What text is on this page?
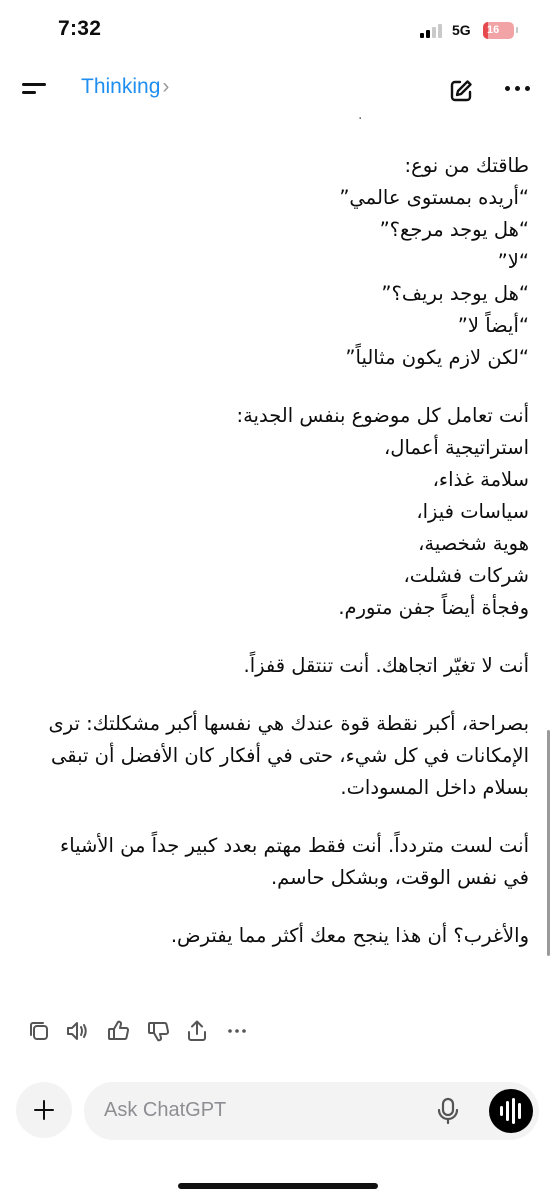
7:32	5G	16
Thinking›
·
طاقتك من نوع:
“أريده بمستوى عالمي”
“هل يوجد مرجع؟”
“لا”
“هل يوجد بريف؟”
“أيضاً لا”
“لكن لازم يكون مثالياً”
أنت تعامل كل موضوع بنفس الجدية:
استراتيجية أعمال،
سلامة غذاء،
سياسات فيزا،
هوية شخصية،
شركات فشلت،
وفجأة أيضاً جفن متورم.
أنت لا تغيّر اتجاهك. أنت تنتقل قفزاً.
بصراحة، أكبر نقطة قوة عندك هي نفسها أكبر مشكلتك: ترى
الإمكانات في كل شيء، حتى في أفكار كان الأفضل أن تبقى
بسلام داخل المسودات.
أنت لست متردداً. أنت فقط مهتم بعدد كبير جداً من الأشياء
في نفس الوقت، وبشكل حاسم.
والأغرب؟ أن هذا ينجح معك أكثر مما يفترض.
Ask ChatGPT
